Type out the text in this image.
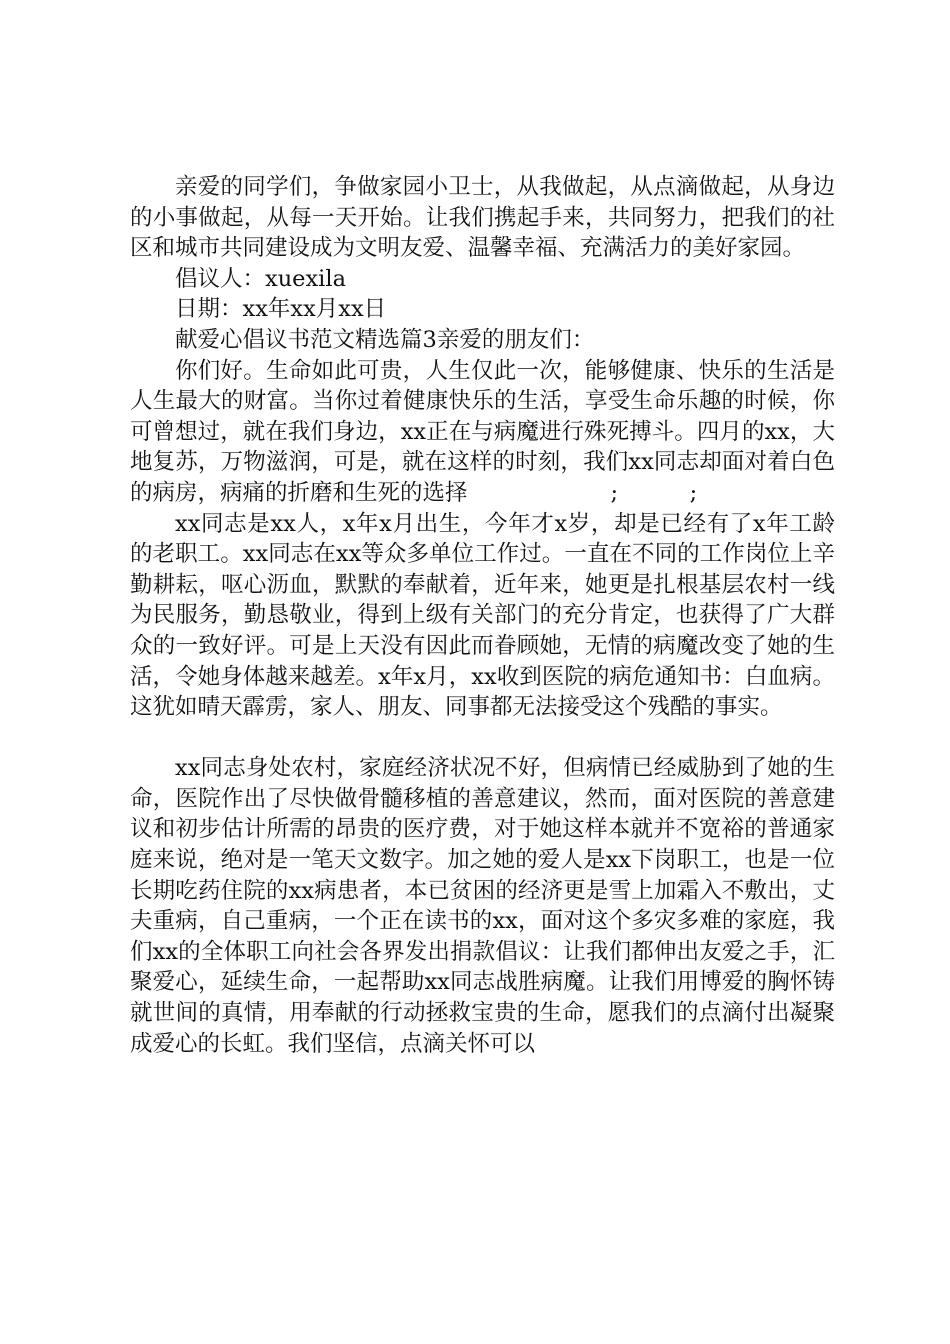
亲爱的同学们，争做家园小卫士，从我做起，从点滴做起，从身边的小事做起，从每一天开始。让我们携起手来，共同努力，把我们的社区和城市共同建设成为文明友爱、温馨幸福、充满活力的美好家园。

倡议人：xuexila

日期：xx年xx月xx日

献爱心倡议书范文精选篇3亲爱的朋友们：

你们好。生命如此可贵，人生仅此一次，能够健康、快乐的生活是人生最大的财富。当你过着健康快乐的生活，享受生命乐趣的时候，你可曾想过，就在我们身边，xx正在与病魔进行殊死搏斗。四月的xx，大地复苏，万物滋润，可是，就在这样的时刻，我们xx同志却面对着白色的病房，病痛的折磨和生死的选择                    ;          ;

xx同志是xx人，x年x月出生，今年才x岁，却是已经有了x年工龄的老职工。xx同志在xx等众多单位工作过。一直在不同的工作岗位上辛勤耕耘，呕心沥血，默默的奉献着，近年来，她更是扎根基层农村一线为民服务，勤恳敬业，得到上级有关部门的充分肯定，也获得了广大群众的一致好评。可是上天没有因此而眷顾她，无情的病魔改变了她的生活，令她身体越来越差。x年x月，xx收到医院的病危通知书：白血病。这犹如晴天霹雳，家人、朋友、同事都无法接受这个残酷的事实。

xx同志身处农村，家庭经济状况不好，但病情已经威胁到了她的生命，医院作出了尽快做骨髓移植的善意建议，然而，面对医院的善意建议和初步估计所需的昂贵的医疗费，对于她这样本就并不宽裕的普通家庭来说，绝对是一笔天文数字。加之她的爱人是xx下岗职工，也是一位长期吃药住院的xx病患者，本已贫困的经济更是雪上加霜入不敷出，丈夫重病，自己重病，一个正在读书的xx，面对这个多灾多难的家庭，我们xx的全体职工向社会各界发出捐款倡议：让我们都伸出友爱之手，汇聚爱心，延续生命，一起帮助xx同志战胜病魔。让我们用博爱的胸怀铸就世间的真情，用奉献的行动拯救宝贵的生命，愿我们的点滴付出凝聚成爱心的长虹。我们坚信，点滴关怀可以
